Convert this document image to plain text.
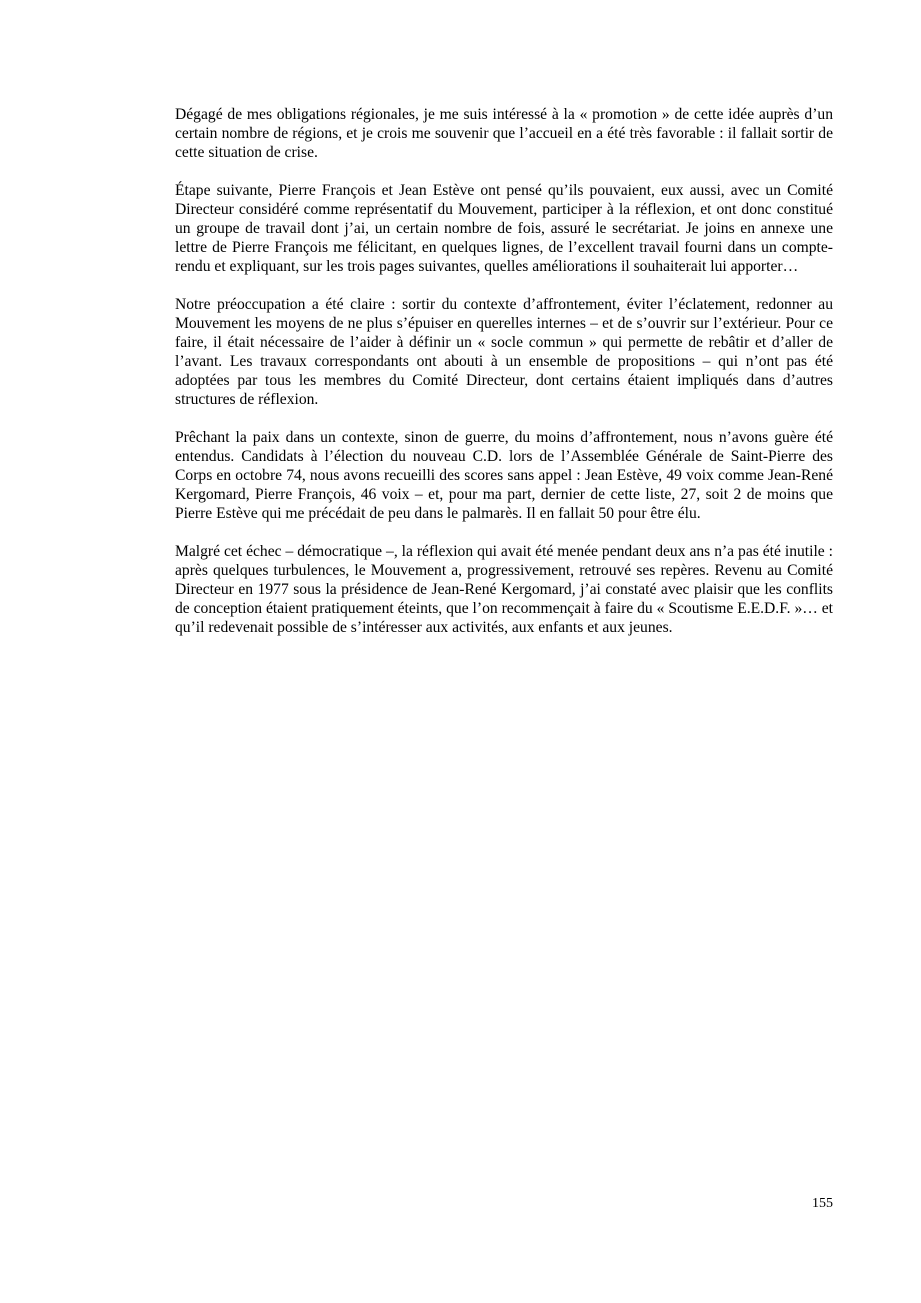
Dégagé de mes obligations régionales, je me suis intéressé à la « promotion » de cette idée auprès d’un certain nombre de régions, et je crois me souvenir que l’accueil en a été très favorable : il fallait sortir de cette situation de crise.

Étape suivante, Pierre François et Jean Estève ont pensé qu’ils pouvaient, eux aussi, avec un Comité Directeur considéré comme représentatif du Mouvement, participer à la réflexion, et ont donc constitué un groupe de travail dont j’ai, un certain nombre de fois, assuré le secrétariat. Je joins en annexe une lettre de Pierre François me félicitant, en quelques lignes, de l’excellent travail fourni dans un compte-rendu et expliquant, sur les trois pages suivantes, quelles améliorations il souhaiterait lui apporter…

Notre préoccupation a été claire : sortir du contexte d’affrontement, éviter l’éclatement, redonner au Mouvement les moyens de ne plus s’épuiser en querelles internes – et de s’ouvrir sur l’extérieur. Pour ce faire, il était nécessaire de l’aider à définir un « socle commun » qui permette de rebâtir et d’aller de l’avant. Les travaux correspondants ont abouti à un ensemble de propositions – qui n’ont pas été adoptées par tous les membres du Comité Directeur, dont certains étaient impliqués dans d’autres structures de réflexion.

Prêchant la paix dans un contexte, sinon de guerre, du moins d’affrontement, nous n’avons guère été entendus. Candidats à l’élection du nouveau C.D. lors de l’Assemblée Générale de Saint-Pierre des Corps en octobre 74, nous avons recueilli des scores sans appel : Jean Estève, 49 voix comme Jean-René Kergomard, Pierre François, 46 voix – et, pour ma part, dernier de cette liste, 27, soit 2 de moins que Pierre Estève qui me précédait de peu dans le palmarès. Il en fallait 50 pour être élu.

Malgré cet échec – démocratique –, la réflexion qui avait été menée pendant deux ans n’a pas été inutile : après quelques turbulences, le Mouvement a, progressivement, retrouvé ses repères. Revenu au Comité Directeur en 1977 sous la présidence de Jean-René Kergomard, j’ai constaté avec plaisir que les conflits de conception étaient pratiquement éteints, que l’on recommençait à faire du « Scoutisme E.E.D.F. »… et qu’il redevenait possible de s’intéresser aux activités, aux enfants et aux jeunes.

155
